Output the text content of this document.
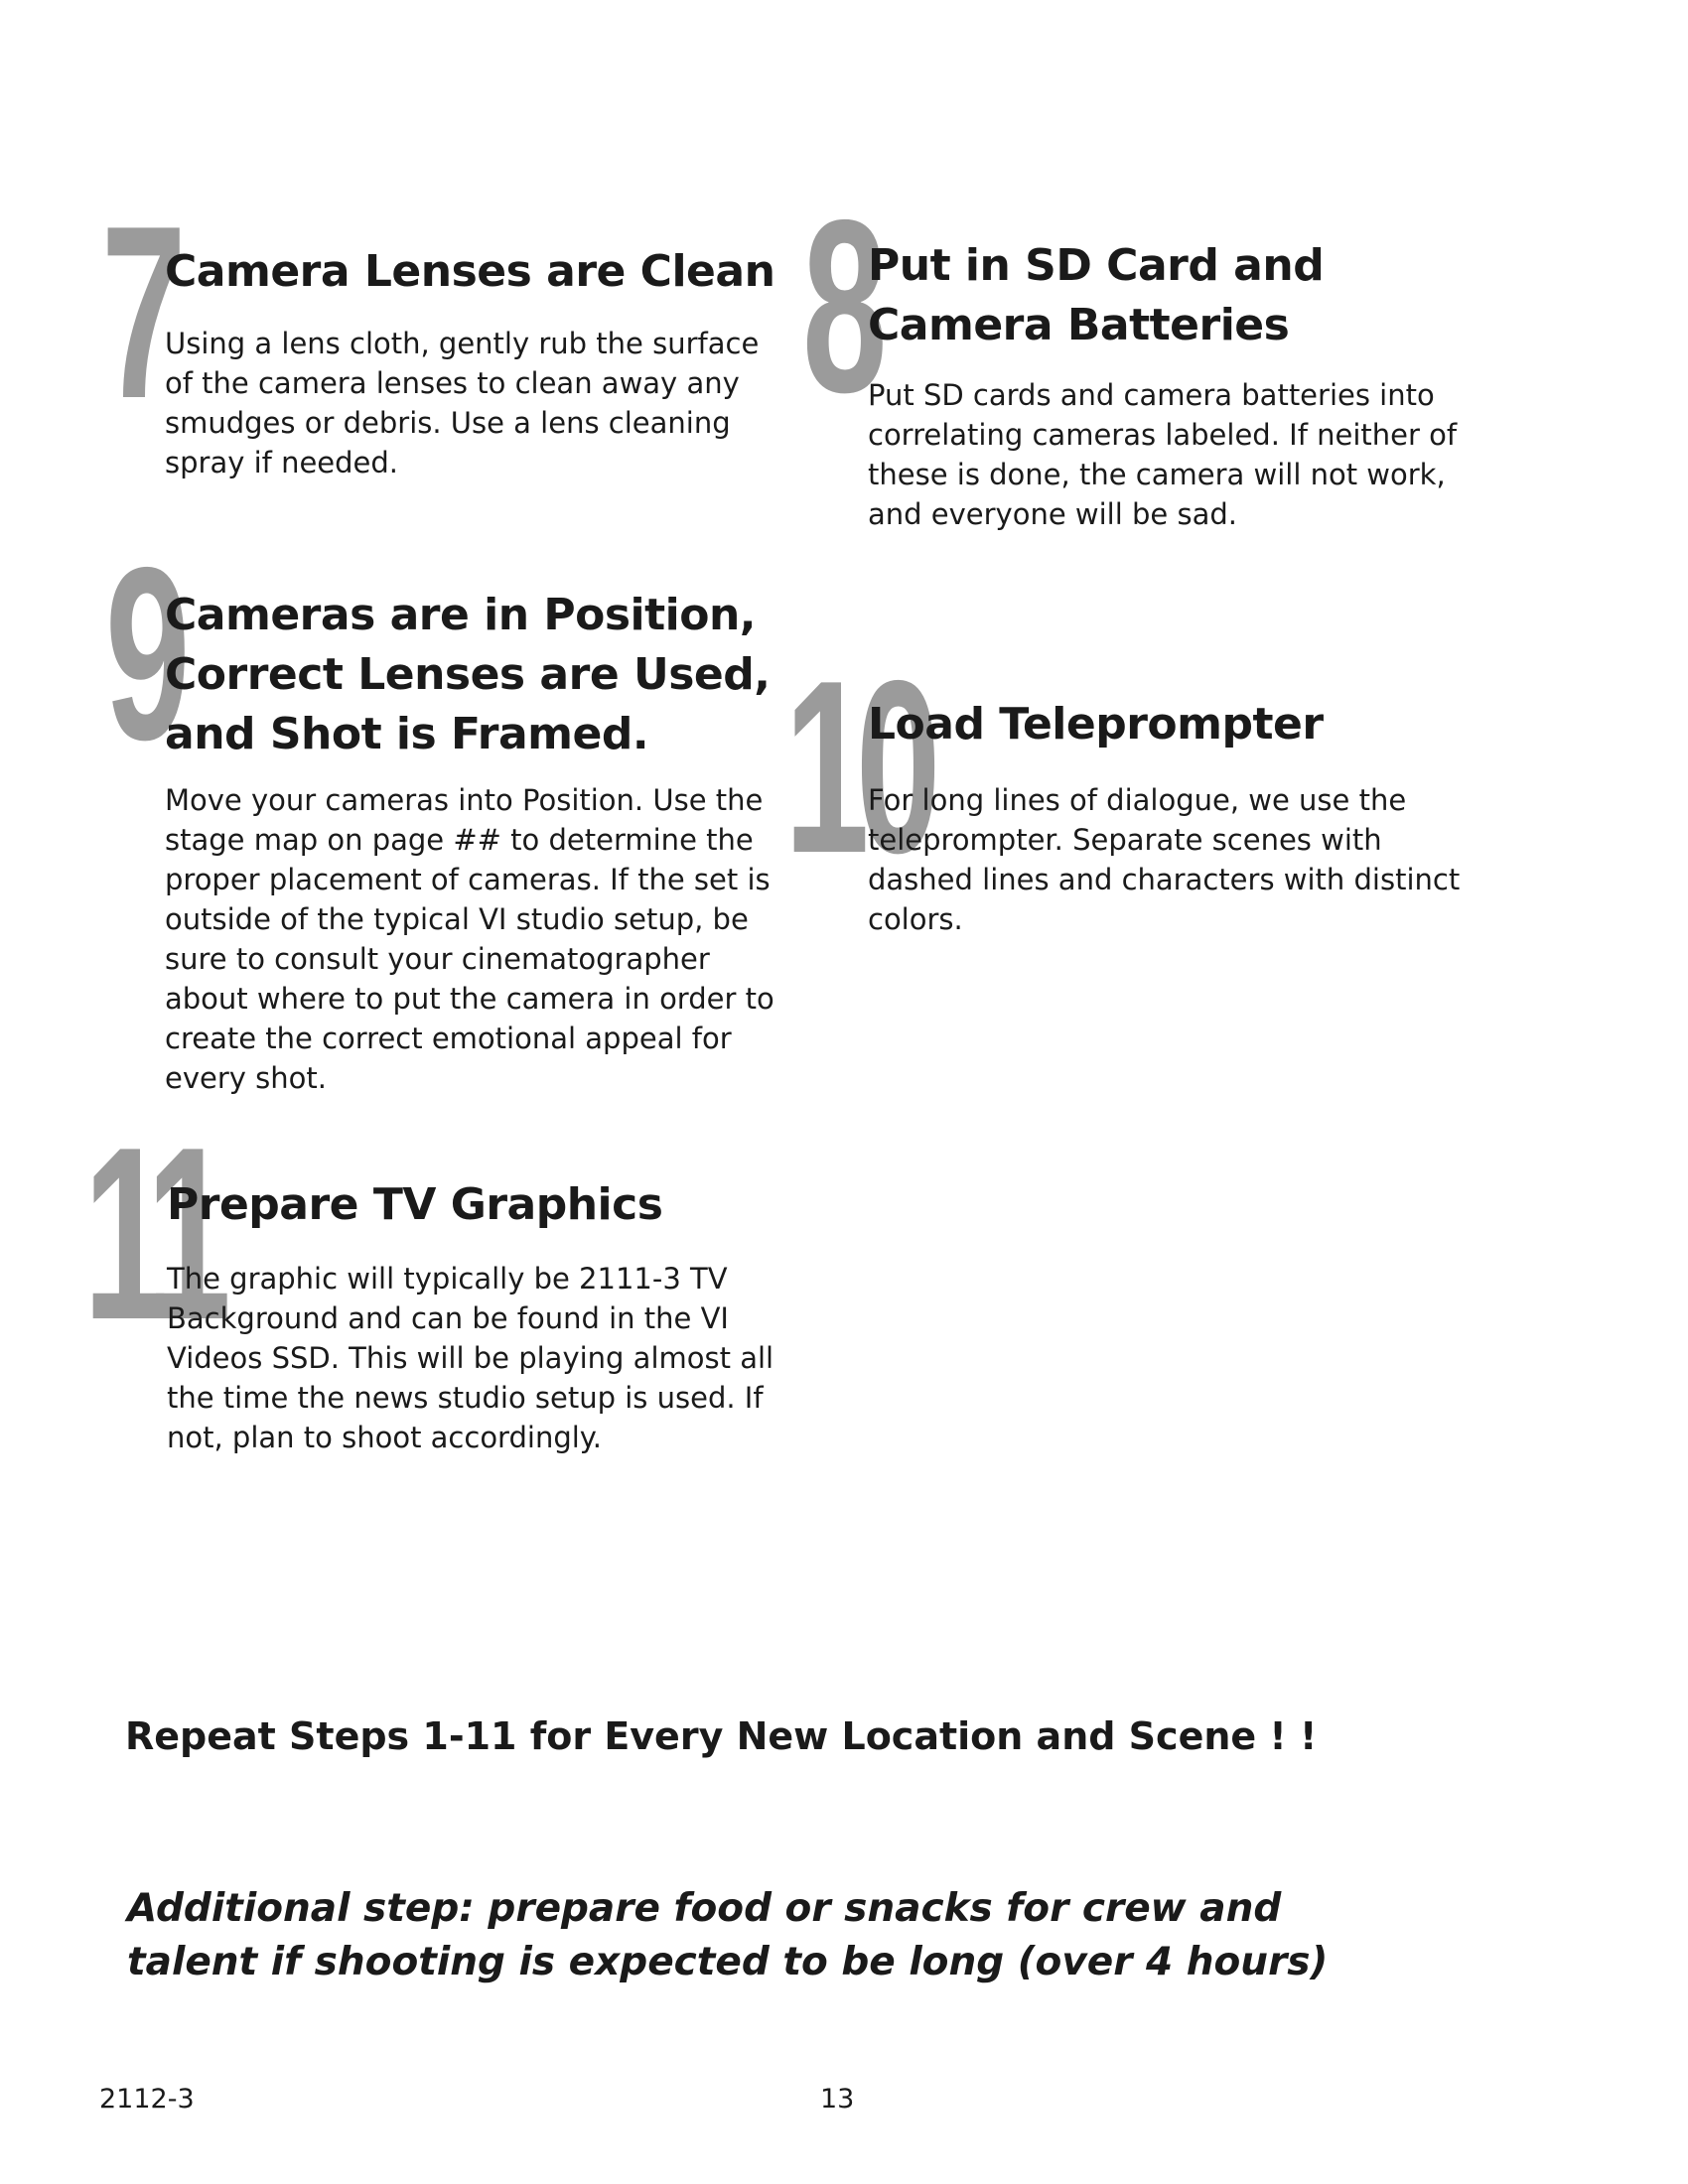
7
Camera Lenses are Clean

Using a lens cloth, gently rub the surface of the camera lenses to clean away any smudges or debris. Use a lens cleaning spray if needed.

8
Put in SD Card and Camera Batteries

Put SD cards and camera batteries into correlating cameras labeled. If neither of these is done, the camera will not work, and everyone will be sad.

9
Cameras are in Position, Correct Lenses are Used, and Shot is Framed.

Move your cameras into Position. Use the stage map on page ## to determine the proper placement of cameras. If the set is outside of the typical VI studio setup, be sure to consult your cinematographer about where to put the camera in order to create the correct emotional appeal for every shot.

10
Load Teleprompter

For long lines of dialogue, we use the teleprompter. Separate scenes with dashed lines and characters with distinct colors.

11
Prepare TV Graphics

The graphic will typically be 2111-3 TV Background and can be found in the VI Videos SSD. This will be playing almost all the time the news studio setup is used. If not, plan to shoot accordingly.

Repeat Steps 1-11 for Every New Location and Scene ! !

Additional step: prepare food or snacks for crew and talent if shooting is expected to be long (over 4 hours)

2112-3	13
